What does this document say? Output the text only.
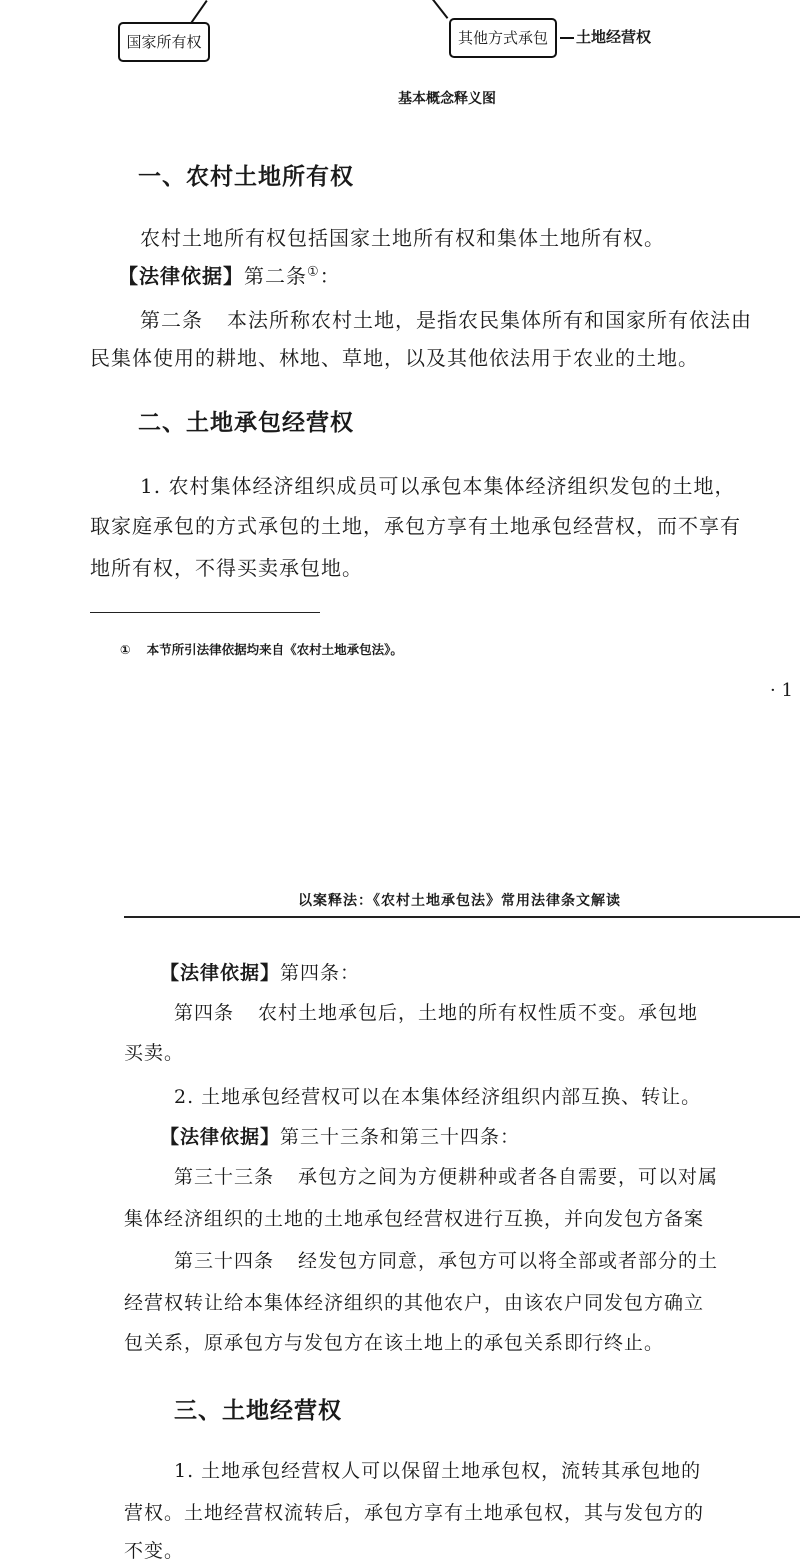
国家所有权	其他方式承包	土地经营权
基本概念释义图
一、农村土地所有权
农村土地所有权包括国家土地所有权和集体土地所有权。
【法律依据】第二条①：
第二条 本法所称农村土地，是指农民集体所有和国家所有依法由
民集体使用的耕地、林地、草地，以及其他依法用于农业的土地。
二、土地承包经营权
1. 农村集体经济组织成员可以承包本集体经济组织发包的土地，
取家庭承包的方式承包的土地，承包方享有土地承包经营权，而不享有
地所有权，不得买卖承包地。
① 本节所引法律依据均来自《农村土地承包法》。
· 1
以案释法：《农村土地承包法》常用法律条文解读
【法律依据】第四条：
第四条 农村土地承包后，土地的所有权性质不变。承包地
买卖。
2. 土地承包经营权可以在本集体经济组织内部互换、转让。
【法律依据】第三十三条和第三十四条：
第三十三条 承包方之间为方便耕种或者各自需要，可以对属
集体经济组织的土地的土地承包经营权进行互换，并向发包方备案
第三十四条 经发包方同意，承包方可以将全部或者部分的土
经营权转让给本集体经济组织的其他农户，由该农户同发包方确立
包关系，原承包方与发包方在该土地上的承包关系即行终止。
三、土地经营权
1. 土地承包经营权人可以保留土地承包权，流转其承包地的
营权。土地经营权流转后，承包方享有土地承包权，其与发包方的
不变。
